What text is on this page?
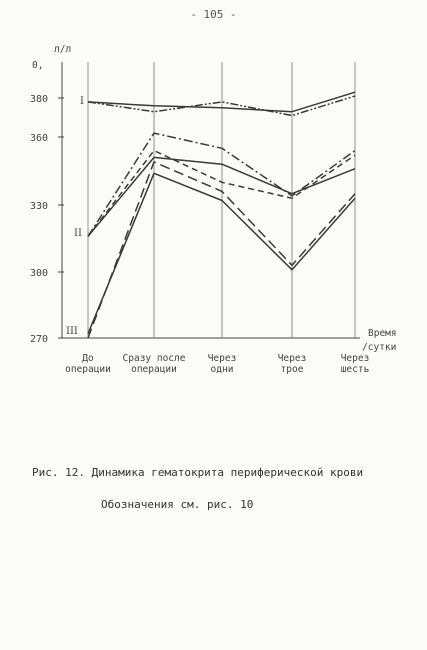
- 105 -
380
360
330
300
270
До
операции
Сразу после
операции
Через
одни
Через
трое
Через
шесть
л/л
0,
Время
/сутки
I
II
III
Рис. 12. Динамика гематокрита периферической крови
Обозначения см. рис. 10
